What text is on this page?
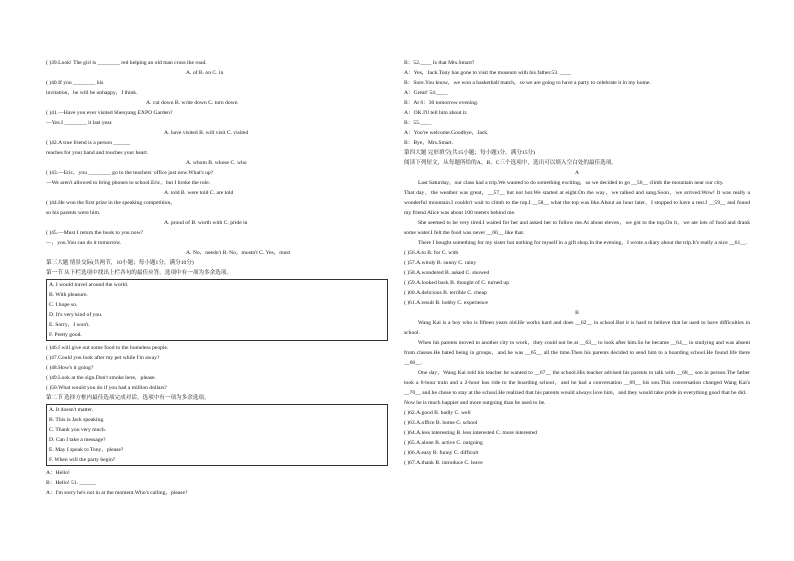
( )39.Look! The girl is ________ red helping an old man cross the road.
A. of B. on C. in
( )40.If you ________ his
invitation，he will be unhappy，I think.
A. cut down B. write down C. turn down
( )41.—Have you ever visited Shenyang EXPO Garden?
—Yes.I ________ it last year.
A. have visited B. will visit C. visited
( )42.A true friend is a person ______
reaches for your hand and touches your heart.
A. whom B. whose C. who
( )43.—Eric，you ________ go to the teachers' office just now.What's up?
—We aren't allowed to bring phones to school.Eric，but I broke the rule.
A. told B. were told C. are told
( )44.He won the first prize in the speaking competition，
so his parents were him.
A. proud of B. worth with C. pride in
( )45.—Must I return the book to you now?
—，you.You can do it tomorrow.
A. No，needn't B. No，mustn't C. Yes，must
第三大题 情景交际(共两节，10小题；每小题1分，满分10分)
第一节 从下栏选项中找出上栏各句的最佳应答。选项中有一项为多余选项。
A. I would travel around the world.
B. With pleasure.
C. I hope so.
D. It's very kind of you.
E. Sorry，I won't.
F. Pretty good.
( )46.I will give out some food to the homeless people.
( )47.Could you look after my pet while I'm away?
( )48.How's it going?
( )49.Look at the sign.Don't smoke here，please.
( )50.What would you do if you had a million dollars?
第二节 选择方框内最佳选项完成对话。选项中有一项为多余选项。
A. It doesn't matter.
B. This is Jack speaking.
C. Thank you very much.
D. Can I take a message?
E. May I speak to Tony，please?
F. When will the party begin?
A：Hello!
B：Hello! 51. ______
A：I'm sorry he's not in at the moment.Who's calling，please?
B：52.____ Is that Mrs.Smart?
A：Yes，Jack.Tony has gone to visit the museum with his father.53. ____
B：Sure.You know，we won a basketball match，so we are going to have a party to celebrate it in my home.
A：Great! 54.____
B：At 6：30 tomorrow evening.
A：OK.I'll tell him about it.
B：55.____
A：You're welcome.Goodbye，Jack.
B：Bye，Mrs.Smart.
第四大题 完形填空(共15小题；每小题1分，满分15分)
阅读下列短文，从每题所给的A、B、C三个选项中，选出可以填入空白处的最佳选项。
A
Last Saturday，our class had a trip.We wanted to do something exciting，so we decided to go __56__ climb the mountain near our city.
That day，the weather was great，__57__ but not hot.We started at eight.On the way，we talked and sang.Soon，we arrived.Wow! It was really a wonderful mountain.I couldn't wait to climb to the top.I __58__ what the top was like.About an hour later，I stopped to have a rest.I __59__ and found my friend Alice was about 100 meters behind me.
She seemed to be very tired.I waited for her and asked her to follow me.At about eleven，we got to the top.On it，we ate lots of food and drank some water.I felt the food was never __60__ like that.
There I bought something for my sister but nothing for myself in a gift shop.In the evening，I wrote a diary about the trip.It's really a nice __61__.
( )56.A.to B. for C. with
( )57.A.windy B. sunny C. rainy
( )58.A.wondered B. asked C. showed
( )59.A.looked back B. thought of C. turned up
( )60.A.delicious B. terrible C. cheap
( )61.A.result B. hobby C. experience
B
Wang Kai is a boy who is fifteen years old.He works hard and does __62__ in school.But it is hard to believe that he used to have difficulties in school.
When his parents moved to another city to work，they could not be at __63__ to look after him.So he became __64__ in studying and was absent from classes.He hated being in groups，and he was __65__ all the time.Then his parents decided to send him to a boarding school.He found life there __66__.
One day，Wang Kai told his teacher he wanted to __67__ the school.His teacher advised his parents to talk with __68__ son in person.The father took a 6-hour train and a 2-hour bus ride to the boarding school，and he had a conversation __69__ his son.This conversation changed Wang Kai's __70__ and he chose to stay at the school.He realized that his parents would always love him，and they would take pride in everything good that he did.
Now he is much happier and more outgoing than he used to be.
( )62.A.good B. badly C. well
( )63.A.office B. home C. school
( )64.A.less interesting B. less interested C. more interested
( )65.A.alone B. active C. outgoing
( )66.A.easy B. funny C. difficult
( )67.A.thank B. introduce C. leave
